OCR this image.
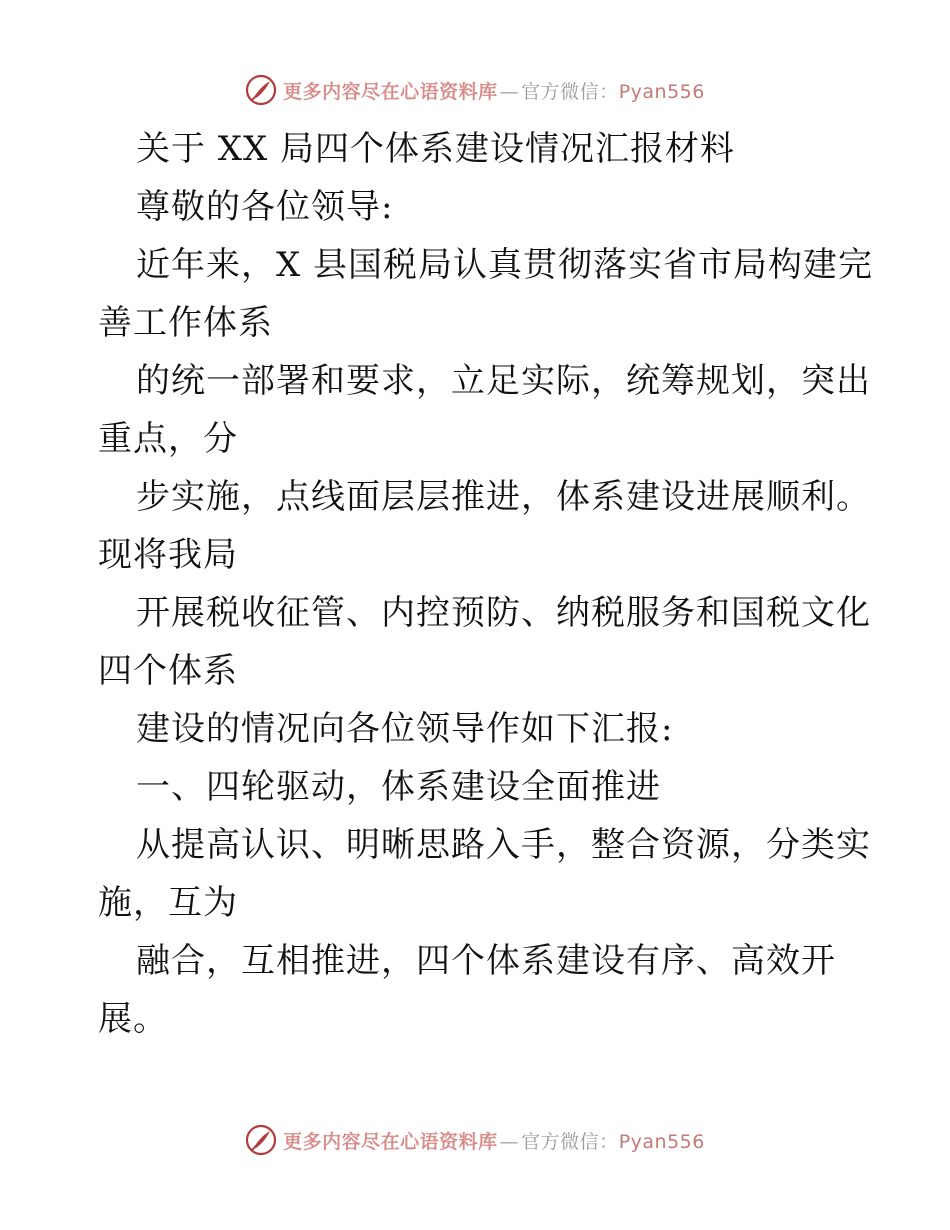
更多内容尽在心语资料库 — 官方微信：Pyan556
关于 XX 局四个体系建设情况汇报材料
尊敬的各位领导:
近年来，X 县国税局认真贯彻落实省市局构建完
善工作体系
的统一部署和要求，立足实际，统筹规划，突出
重点，分
步实施，点线面层层推进，体系建设进展顺利。
现将我局
开展税收征管、内控预防、纳税服务和国税文化
四个体系
建设的情况向各位领导作如下汇报:
一、四轮驱动，体系建设全面推进
从提高认识、明晰思路入手，整合资源，分类实
施，互为
融合，互相推进，四个体系建设有序、高效开
展。
更多内容尽在心语资料库 — 官方微信：Pyan556
